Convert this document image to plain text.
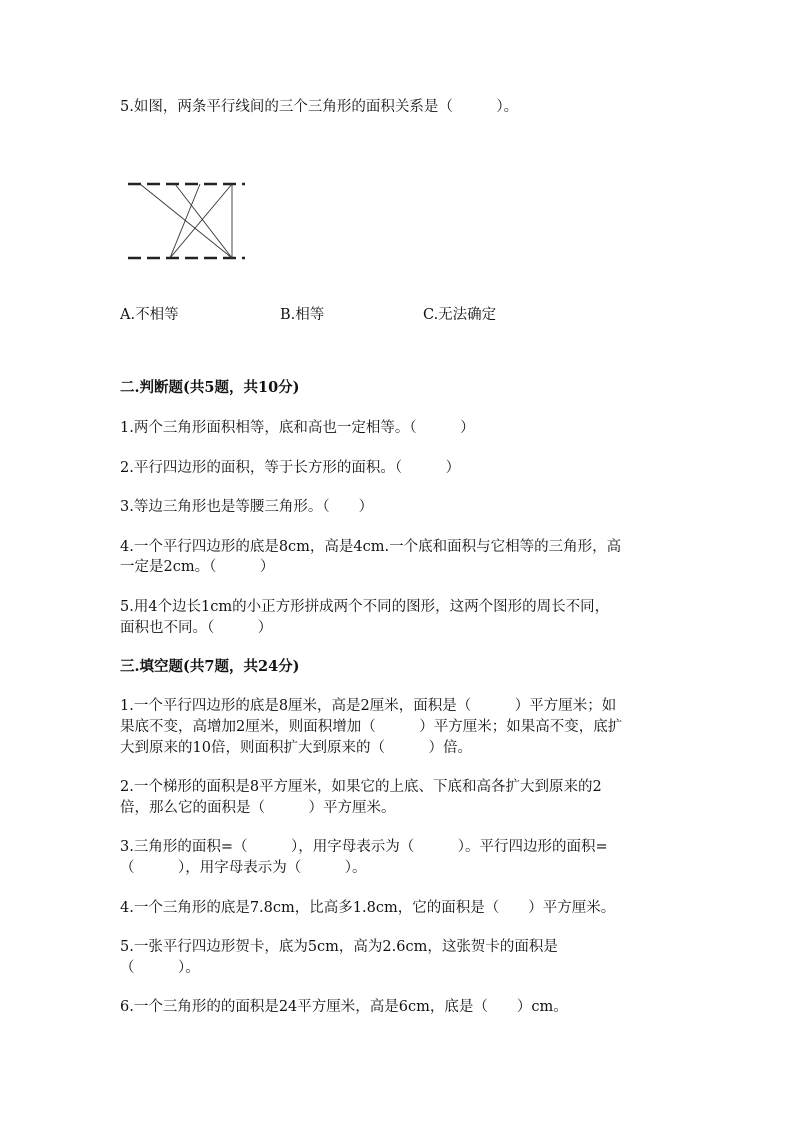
5.如图，两条平行线间的三个三角形的面积关系是（　　　）。
A.不相等	B.相等	C.无法确定
二.判断题(共5题，共10分)
1.两个三角形面积相等，底和高也一定相等。（　　　）
2.平行四边形的面积，等于长方形的面积。（　　　）
3.等边三角形也是等腰三角形。（　　）
4.一个平行四边形的底是8cm，高是4cm.一个底和面积与它相等的三角形，高
一定是2cm。（　　　）
5.用4个边长1cm的小正方形拼成两个不同的图形，这两个图形的周长不同，
面积也不同。（　　　）
三.填空题(共7题，共24分)
1.一个平行四边形的底是8厘米，高是2厘米，面积是（　　　）平方厘米；如
果底不变，高增加2厘米，则面积增加（　　　）平方厘米；如果高不变，底扩
大到原来的10倍，则面积扩大到原来的（　　　）倍。
2.一个梯形的面积是8平方厘米，如果它的上底、下底和高各扩大到原来的2
倍，那么它的面积是（　　　）平方厘米。
3.三角形的面积=（　　　），用字母表示为（　　　）。平行四边形的面积=
（　　　），用字母表示为（　　　）。
4.一个三角形的底是7.8cm，比高多1.8cm，它的面积是（　　）平方厘米。
5.一张平行四边形贺卡，底为5cm，高为2.6cm，这张贺卡的面积是
（　　　）。
6.一个三角形的的面积是24平方厘米，高是6cm，底是（　　）cm。
